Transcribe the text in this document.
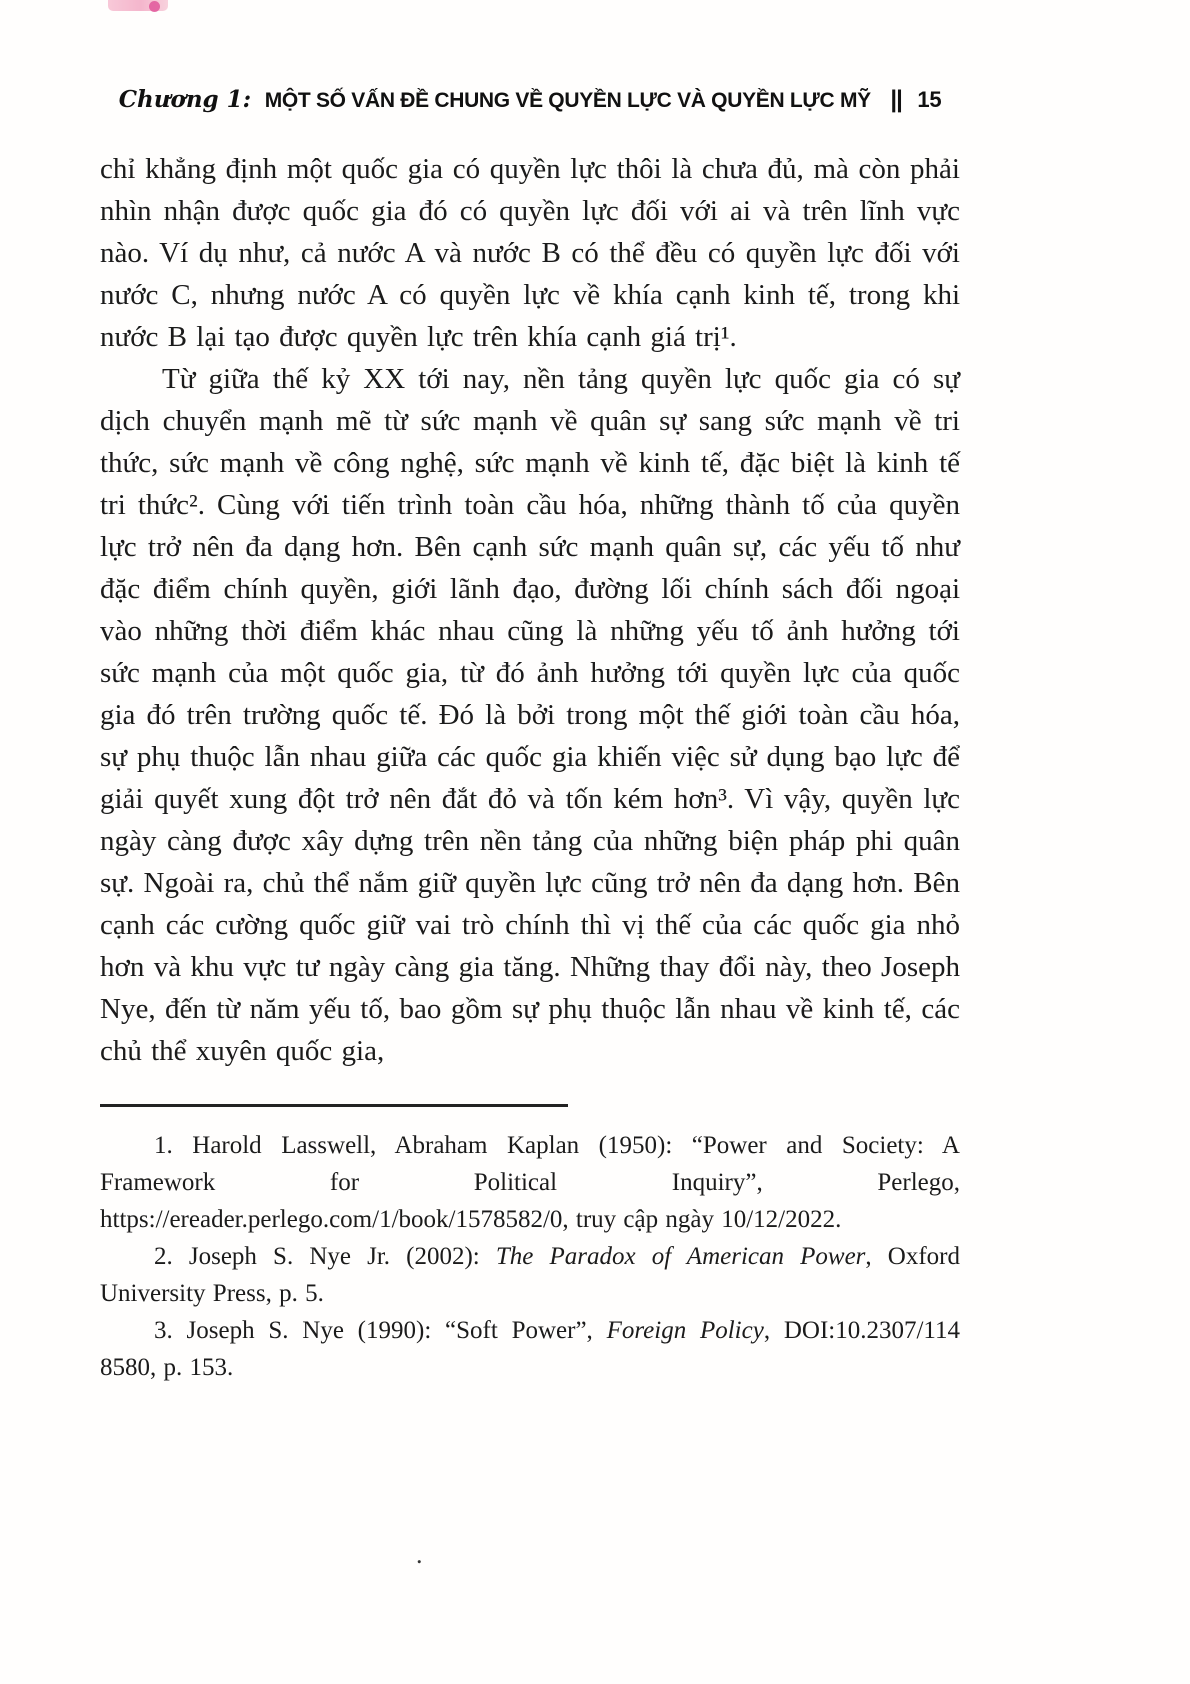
Chương 1: MỘT SỐ VẤN ĐỀ CHUNG VỀ QUYỀN LỰC VÀ QUYỀN LỰC MỸ || 15

chỉ khẳng định một quốc gia có quyền lực thôi là chưa đủ, mà còn phải nhìn nhận được quốc gia đó có quyền lực đối với ai và trên lĩnh vực nào. Ví dụ như, cả nước A và nước B có thể đều có quyền lực đối với nước C, nhưng nước A có quyền lực về khía cạnh kinh tế, trong khi nước B lại tạo được quyền lực trên khía cạnh giá trị¹.

Từ giữa thế kỷ XX tới nay, nền tảng quyền lực quốc gia có sự dịch chuyển mạnh mẽ từ sức mạnh về quân sự sang sức mạnh về tri thức, sức mạnh về công nghệ, sức mạnh về kinh tế, đặc biệt là kinh tế tri thức². Cùng với tiến trình toàn cầu hóa, những thành tố của quyền lực trở nên đa dạng hơn. Bên cạnh sức mạnh quân sự, các yếu tố như đặc điểm chính quyền, giới lãnh đạo, đường lối chính sách đối ngoại vào những thời điểm khác nhau cũng là những yếu tố ảnh hưởng tới sức mạnh của một quốc gia, từ đó ảnh hưởng tới quyền lực của quốc gia đó trên trường quốc tế. Đó là bởi trong một thế giới toàn cầu hóa, sự phụ thuộc lẫn nhau giữa các quốc gia khiến việc sử dụng bạo lực để giải quyết xung đột trở nên đắt đỏ và tốn kém hơn³. Vì vậy, quyền lực ngày càng được xây dựng trên nền tảng của những biện pháp phi quân sự. Ngoài ra, chủ thể nắm giữ quyền lực cũng trở nên đa dạng hơn. Bên cạnh các cường quốc giữ vai trò chính thì vị thế của các quốc gia nhỏ hơn và khu vực tư ngày càng gia tăng. Những thay đổi này, theo Joseph Nye, đến từ năm yếu tố, bao gồm sự phụ thuộc lẫn nhau về kinh tế, các chủ thể xuyên quốc gia,

1. Harold Lasswell, Abraham Kaplan (1950): “Power and Society: A Framework for Political Inquiry”, Perlego, https://ereader.perlego.com/1/book/1578582/0, truy cập ngày 10/12/2022.

2. Joseph S. Nye Jr. (2002): The Paradox of American Power, Oxford University Press, p. 5.

3. Joseph S. Nye (1990): “Soft Power”, Foreign Policy, DOI:10.2307/114 8580, p. 153.

.
